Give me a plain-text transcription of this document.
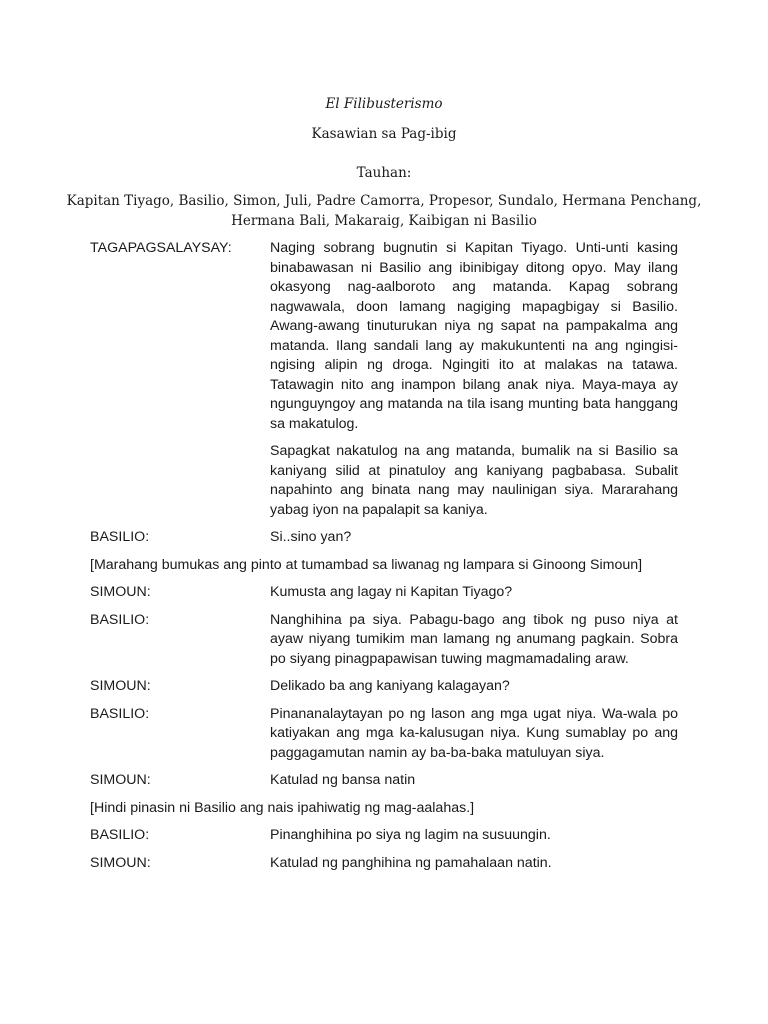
El Filibusterismo
Kasawian sa Pag-ibig
Tauhan:
Kapitan Tiyago, Basilio, Simon, Juli, Padre Camorra, Propesor, Sundalo, Hermana Penchang,
Hermana Bali, Makaraig, Kaibigan ni Basilio
TAGAPAGSALAYSAY:	Naging sobrang bugnutin si Kapitan Tiyago. Unti-unti kasing binabawasan ni Basilio ang ibinibigay ditong opyo. May ilang okasyong nag-aalboroto ang matanda. Kapag sobrang nagwawala, doon lamang nagiging mapagbigay si Basilio. Awang-awang tinuturukan niya ng sapat na pampakalma ang matanda. Ilang sandali lang ay makukuntenti na ang ngingisi-ngising alipin ng droga. Ngingiti ito at malakas na tatawa. Tatawagin nito ang inampon bilang anak niya. Maya-maya ay ngunguyngoy ang matanda na tila isang munting bata hanggang sa makatulog.

Sapagkat nakatulog na ang matanda, bumalik na si Basilio sa kaniyang silid at pinatuloy ang kaniyang pagbabasa. Subalit napahinto ang binata nang may naulinigan siya. Mararahang yabag iyon na papalapit sa kaniya.

BASILIO:	Si..sino yan?
[Marahang bumukas ang pinto at tumambad sa liwanag ng lampara si Ginoong Simoun]
SIMOUN:	Kumusta ang lagay ni Kapitan Tiyago?
BASILIO:	Nanghihina pa siya. Pabagu-bago ang tibok ng puso niya at ayaw niyang tumikim man lamang ng anumang pagkain. Sobra po siyang pinagpapawisan tuwing magmamadaling araw.
SIMOUN:	Delikado ba ang kaniyang kalagayan?
BASILIO:	Pinananalaytayan po ng lason ang mga ugat niya. Wa-wala po katiyakan ang mga ka-kalusugan niya. Kung sumablay po ang paggagamutan namin ay ba-ba-baka matuluyan siya.
SIMOUN:	Katulad ng bansa natin
[Hindi pinasin ni Basilio ang nais ipahiwatig ng mag-aalahas.]
BASILIO:	Pinanghihina po siya ng lagim na susuungin.
SIMOUN:	Katulad ng panghihina ng pamahalaan natin.
